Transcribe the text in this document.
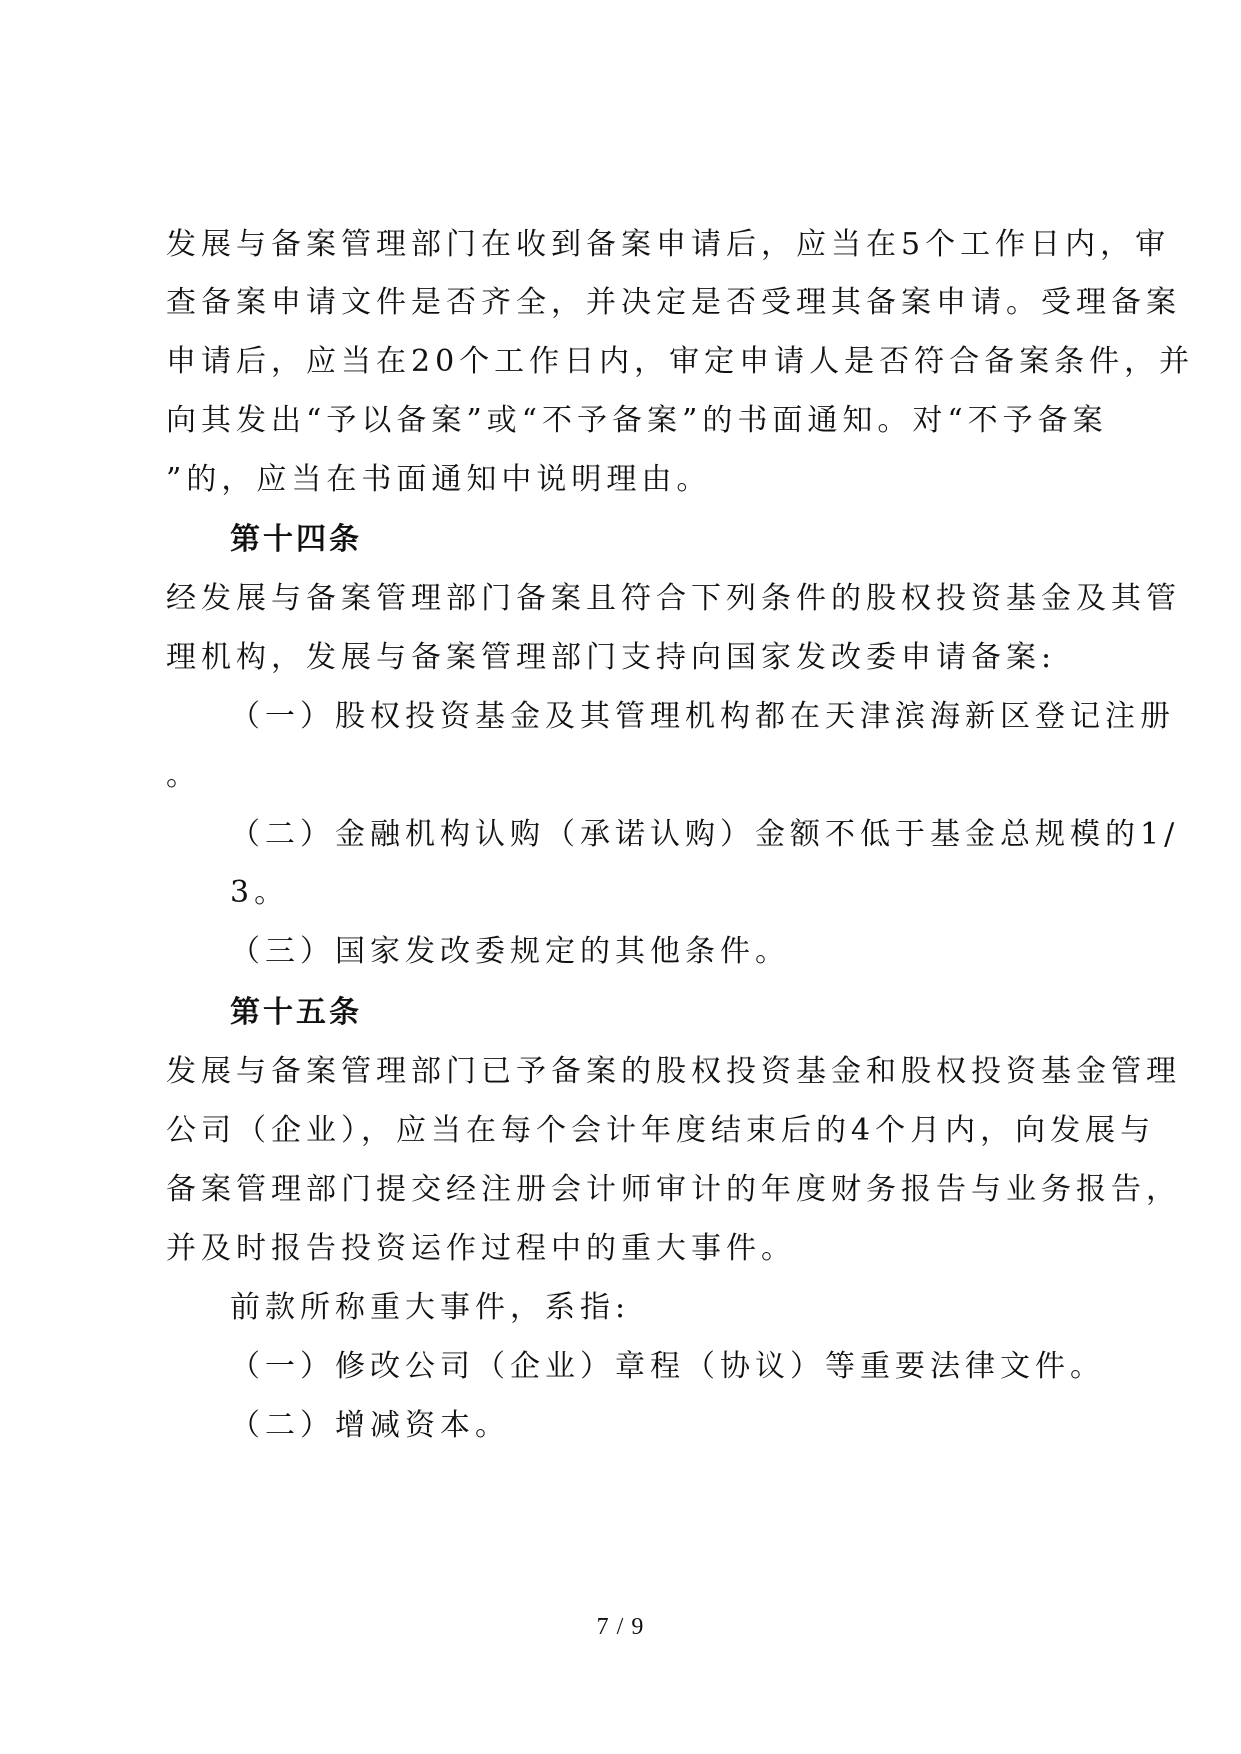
发展与备案管理部门在收到备案申请后，应当在5个工作日内，审
查备案申请文件是否齐全，并决定是否受理其备案申请。受理备案
申请后，应当在20个工作日内，审定申请人是否符合备案条件，并
向其发出“予以备案”或“不予备案”的书面通知。对“不予备案
”的，应当在书面通知中说明理由。
第十四条
经发展与备案管理部门备案且符合下列条件的股权投资基金及其管
理机构，发展与备案管理部门支持向国家发改委申请备案:
（一）股权投资基金及其管理机构都在天津滨海新区登记注册
。
（二）金融机构认购（承诺认购）金额不低于基金总规模的1/
3。
（三）国家发改委规定的其他条件。
第十五条
发展与备案管理部门已予备案的股权投资基金和股权投资基金管理
公司（企业），应当在每个会计年度结束后的4个月内，向发展与
备案管理部门提交经注册会计师审计的年度财务报告与业务报告，
并及时报告投资运作过程中的重大事件。
前款所称重大事件，系指:
（一）修改公司（企业）章程（协议）等重要法律文件。
（二）增减资本。
7 / 9
